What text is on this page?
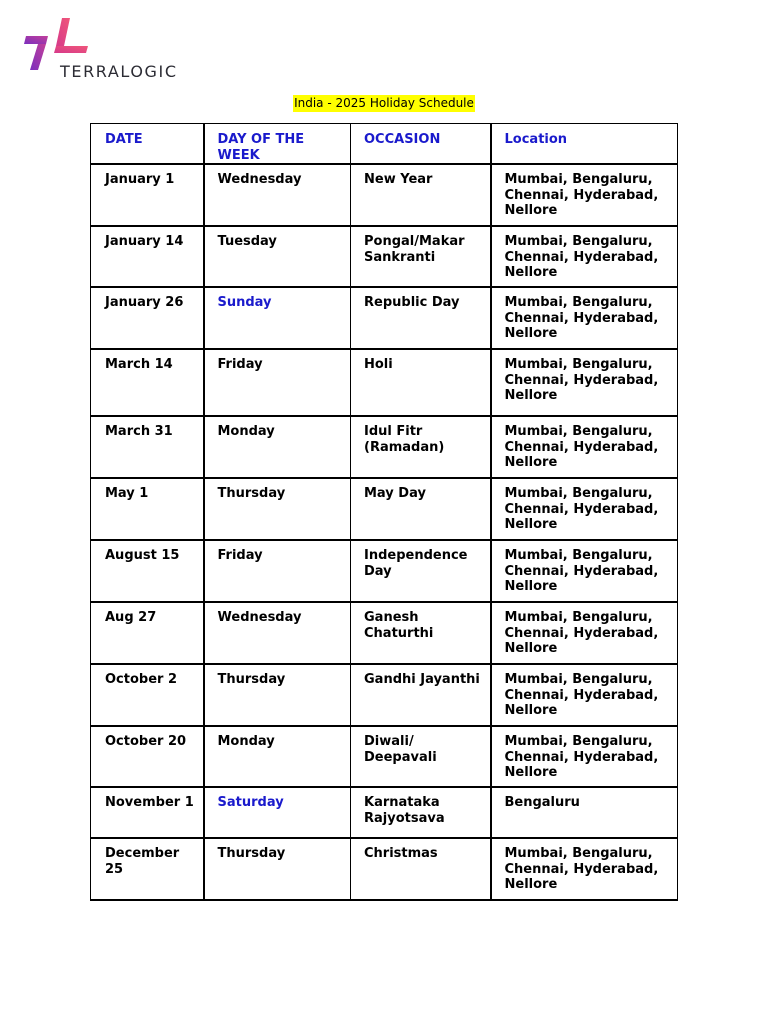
TERRALOGIC
India - 2025 Holiday Schedule
DATE	DAY OF THE WEEK	OCCASION	Location
January 1	Wednesday	New Year	Mumbai, Bengaluru, Chennai, Hyderabad, Nellore
January 14	Tuesday	Pongal/Makar Sankranti	Mumbai, Bengaluru, Chennai, Hyderabad, Nellore
January 26	Sunday	Republic Day	Mumbai, Bengaluru, Chennai, Hyderabad, Nellore
March 14	Friday	Holi	Mumbai, Bengaluru, Chennai, Hyderabad, Nellore
March 31	Monday	Idul Fitr (Ramadan)	Mumbai, Bengaluru, Chennai, Hyderabad, Nellore
May 1	Thursday	May Day	Mumbai, Bengaluru, Chennai, Hyderabad, Nellore
August 15	Friday	Independence Day	Mumbai, Bengaluru, Chennai, Hyderabad, Nellore
Aug 27	Wednesday	Ganesh Chaturthi	Mumbai, Bengaluru, Chennai, Hyderabad, Nellore
October 2	Thursday	Gandhi Jayanthi	Mumbai, Bengaluru, Chennai, Hyderabad, Nellore
October 20	Monday	Diwali/ Deepavali	Mumbai, Bengaluru, Chennai, Hyderabad, Nellore
November 1	Saturday	Karnataka Rajyotsava	Bengaluru
December 25	Thursday	Christmas	Mumbai, Bengaluru, Chennai, Hyderabad, Nellore
